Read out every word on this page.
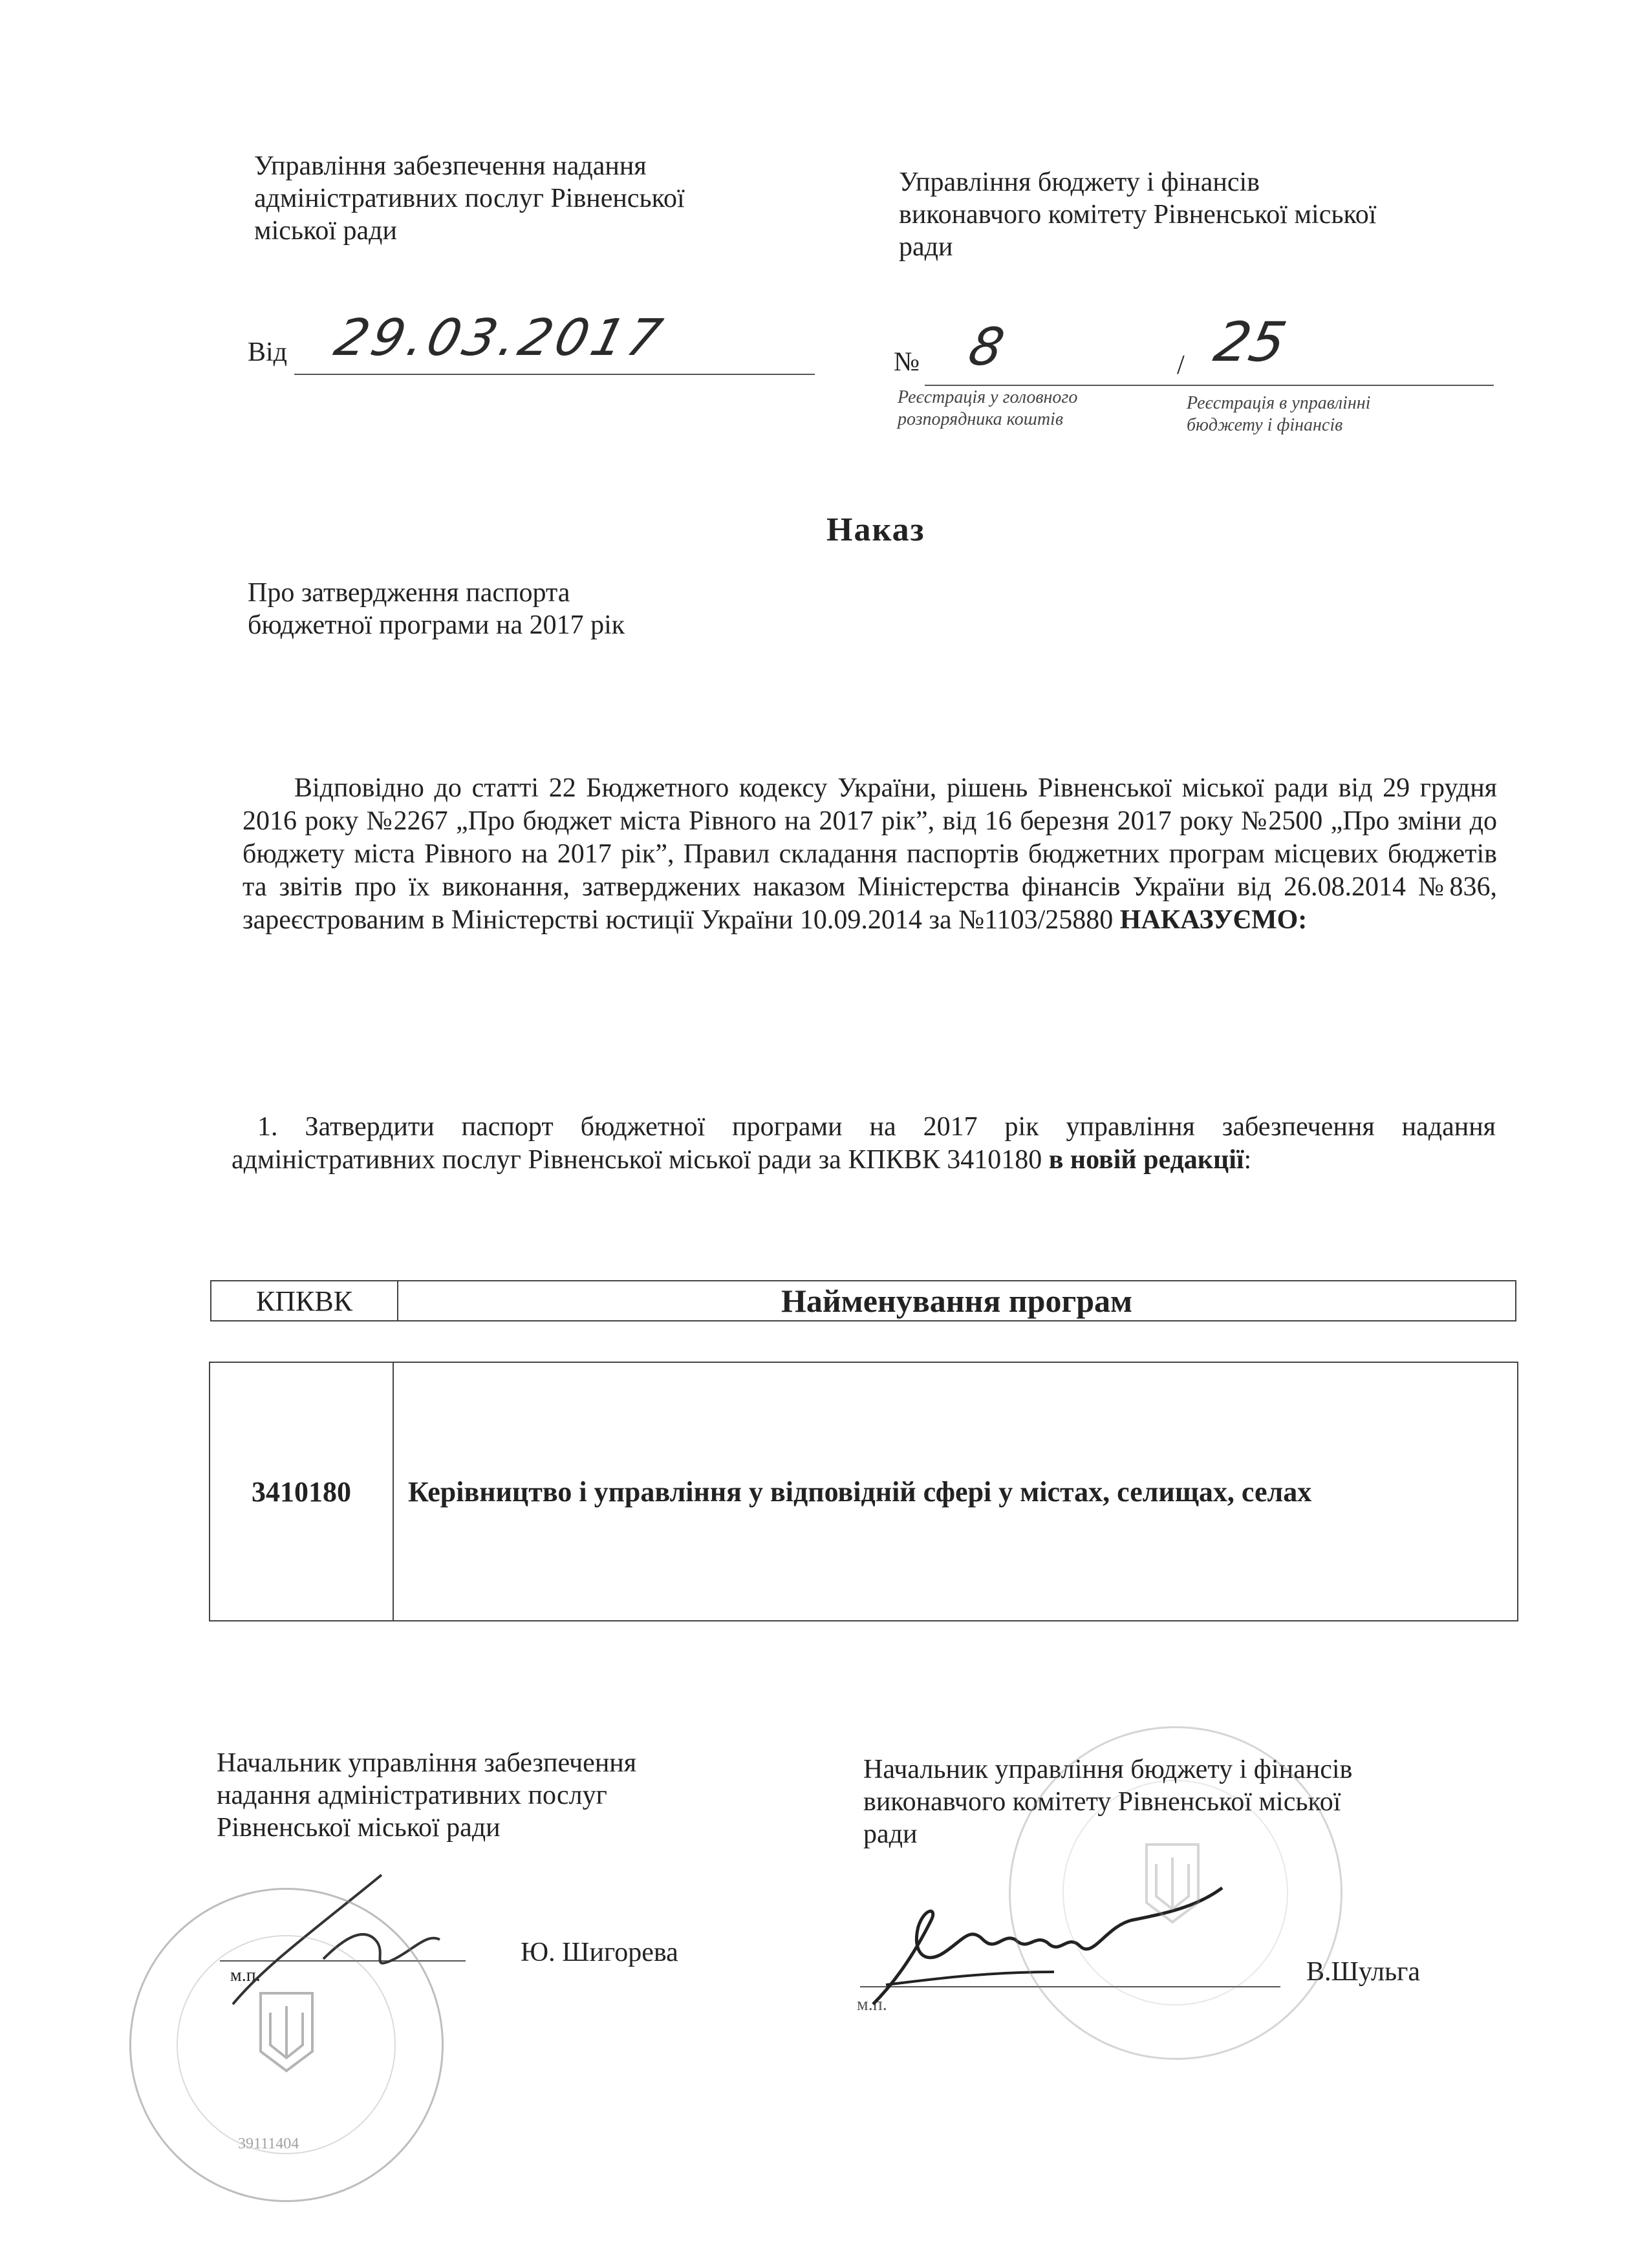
Управління забезпечення надання
адміністративних послуг Рівненської
міської ради
Управління бюджету і фінансів
виконавчого комітету Рівненської міської
ради
Від 29.03.2017	№ 8	/ 25
Реєстрація у головного
розпорядника коштів
Реєстрація в управлінні
бюджету і фінансів
Наказ
Про затвердження паспорта
бюджетної програми на 2017 рік
Відповідно до статті 22 Бюджетного кодексу України, рішень Рівненської міської ради від 29 грудня 2016 року №2267 „Про бюджет міста Рівного на 2017 рік”, від 16 березня 2017 року №2500 „Про зміни до бюджету міста Рівного на 2017 рік”, Правил складання паспортів бюджетних програм місцевих бюджетів та звітів про їх виконання, затверджених наказом Міністерства фінансів України від 26.08.2014 №836, зареєстрованим в Міністерстві юстиції України 10.09.2014 за №1103/25880 НАКАЗУЄМО:
1. Затвердити паспорт бюджетної програми на 2017 рік управління забезпечення надання адміністративних послуг Рівненської міської ради за КПКВК 3410180 в новій редакції:
КПКВК	Найменування програм
3410180	Керівництво і управління у відповідній сфері у містах, селищах, селах
Начальник управління забезпечення
надання адміністративних послуг
Рівненської міської ради
Ю. Шигорева
м.п.
Начальник управління бюджету і фінансів
виконавчого комітету Рівненської міської
ради
В.Шульга
м.п.
39111404
